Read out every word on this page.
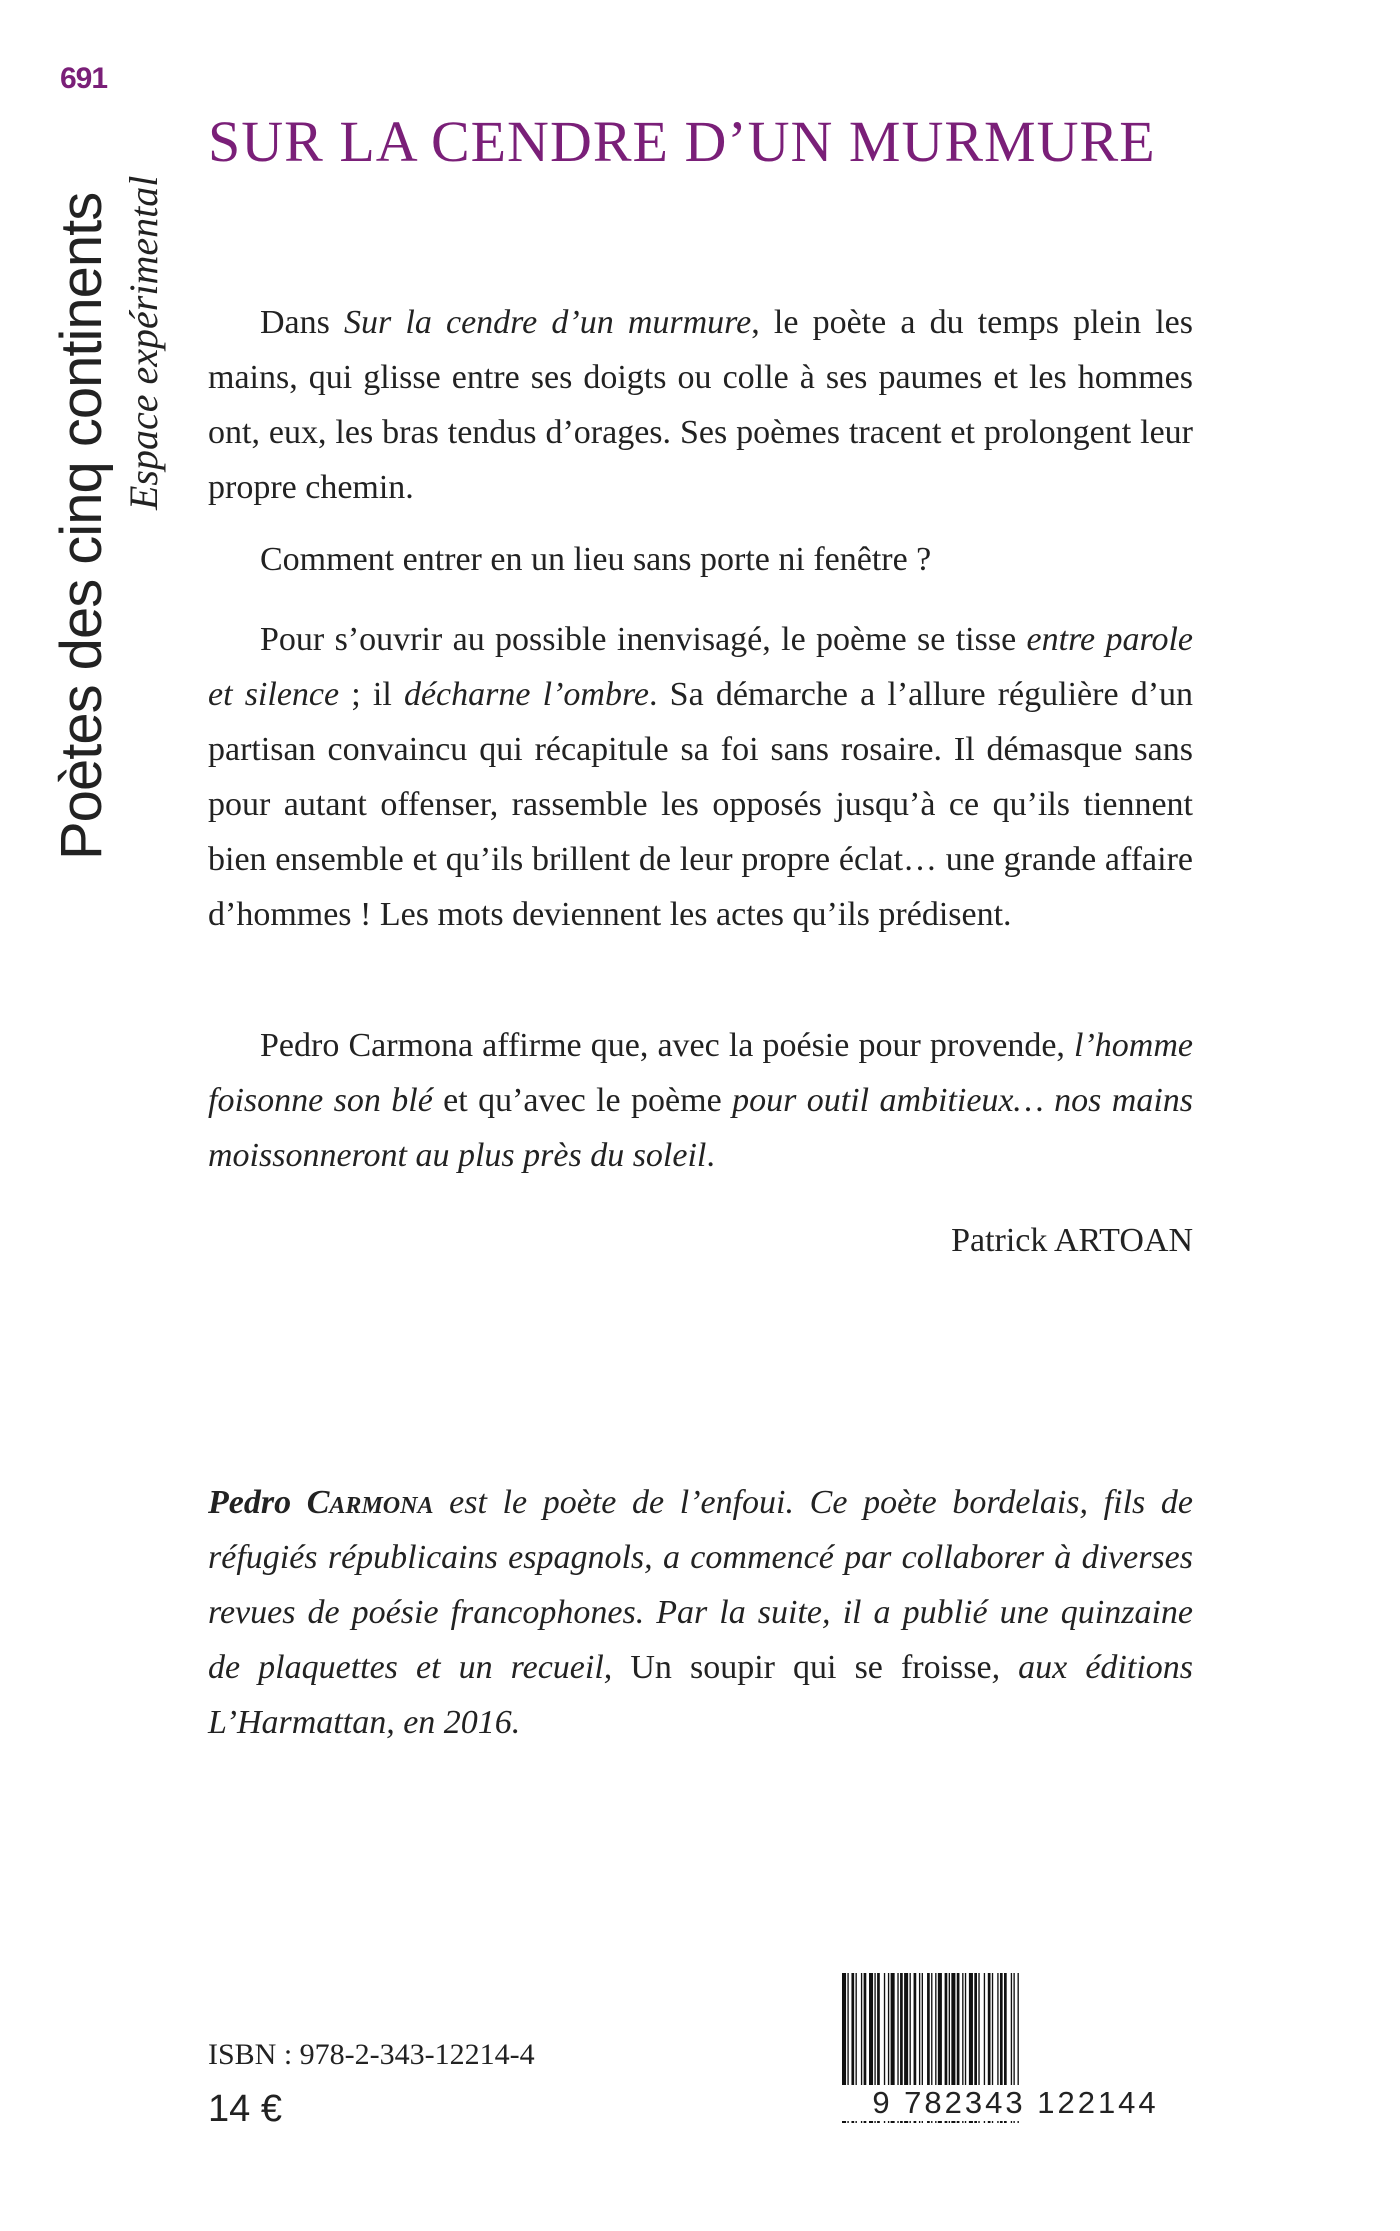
691
Poètes des cinq continents Espace expérimental
SUR LA CENDRE D’UN MURMURE

Dans Sur la cendre d’un murmure, le poète a du temps plein les mains, qui glisse entre ses doigts ou colle à ses paumes et les hommes ont, eux, les bras tendus d’orages. Ses poèmes tracent et prolongent leur propre chemin.

Comment entrer en un lieu sans porte ni fenêtre ?

Pour s’ouvrir au possible inenvisagé, le poème se tisse entre parole et silence ; il décharne l’ombre. Sa démarche a l’allure régulière d’un partisan convaincu qui récapitule sa foi sans rosaire. Il démasque sans pour autant offenser, rassemble les opposés jusqu’à ce qu’ils tiennent bien ensemble et qu’ils brillent de leur propre éclat… une grande affaire d’hommes ! Les mots deviennent les actes qu’ils prédisent.

Pedro Carmona affirme que, avec la poésie pour provende, l’homme foisonne son blé et qu’avec le poème pour outil ambitieux… nos mains moissonneront au plus près du soleil.

Patrick ARTOAN

Pedro Carmona est le poète de l’enfoui. Ce poète bordelais, fils de réfugiés républicains espagnols, a commencé par collaborer à diverses revues de poésie francophones. Par la suite, il a publié une quinzaine de plaquettes et un recueil, Un soupir qui se froisse, aux éditions L’Harmattan, en 2016.

ISBN : 978-2-343-12214-4
14 €	9 782343 122144
